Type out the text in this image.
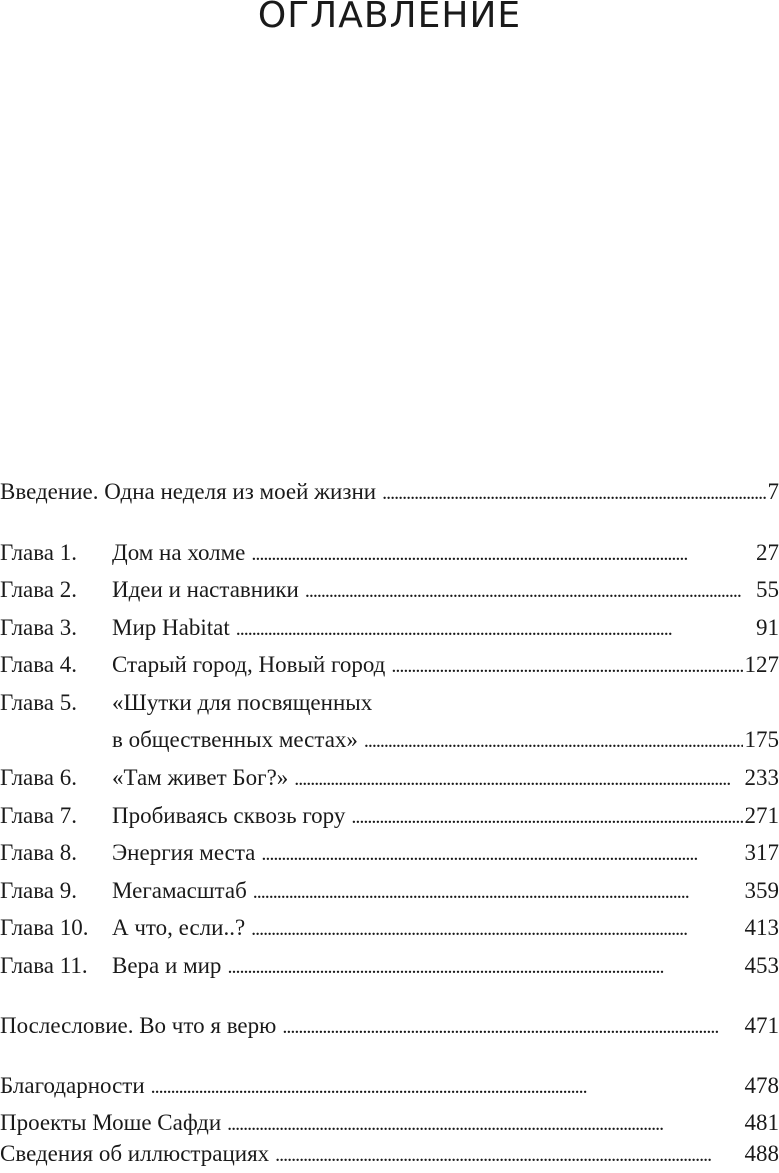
ОГЛАВЛЕНИЕ
Введение. Одна неделя из моей жизни . . .	7
Глава 1.	Дом на холме . . .	27
Глава 2.	Идеи и наставники . . .	55
Глава 3.	Мир Habitat . . .	91
Глава 4.	Старый город, Новый город . . .	127
Глава 5.	«Шутки для посвященных
в общественных местах» . . .	175
Глава 6.	«Там живет Бог?» . . .	233
Глава 7.	Пробиваясь сквозь гору . . .	271
Глава 8.	Энергия места . . .	317
Глава 9.	Мегамасштаб . . .	359
Глава 10.	А что, если..? . . .	413
Глава 11.	Вера и мир . . .	453
Послесловие. Во что я верю . . .	471
Благодарности . . .	478
Проекты Моше Сафди . . .	481
Сведения об иллюстрациях . . .	488
